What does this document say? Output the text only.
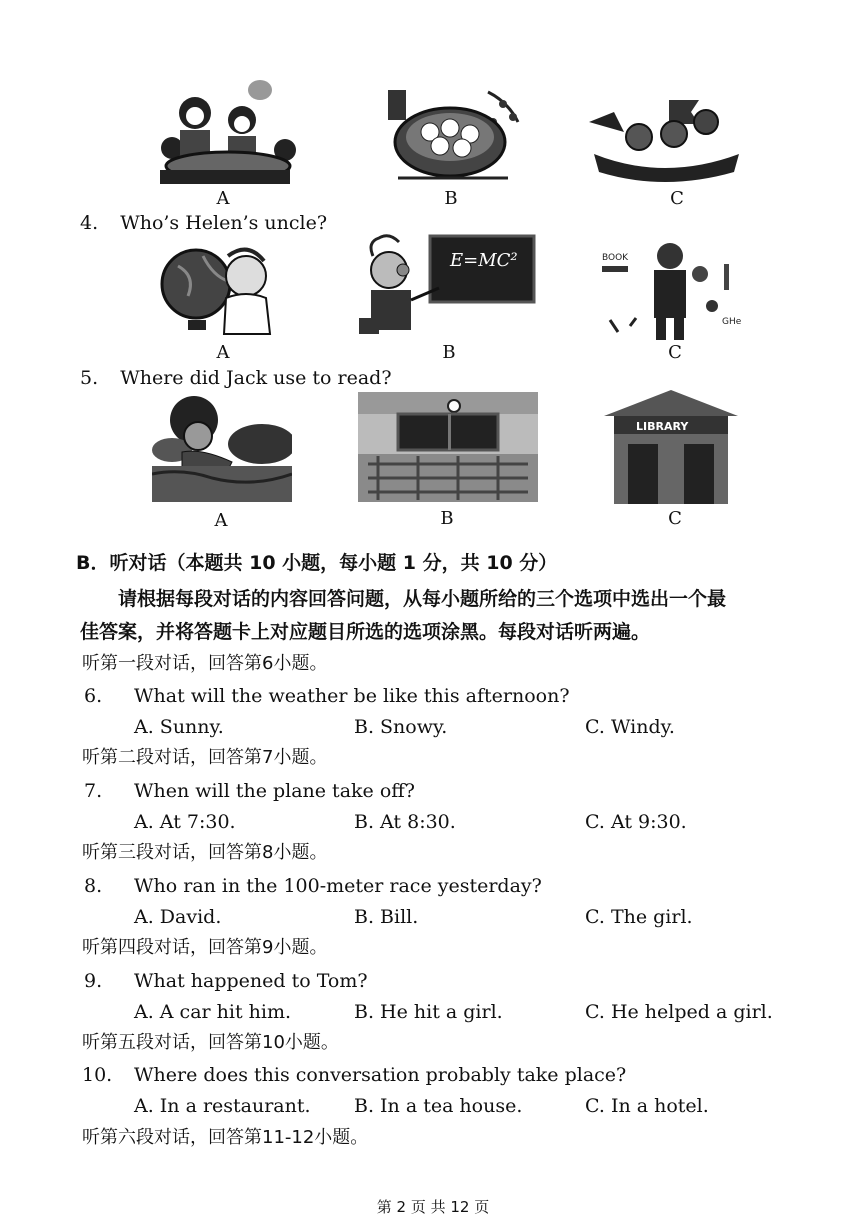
A	B	C
4. Who’s Helen’s uncle?
E=MC²	BOOK
GHe
A	B	C
5. Where did Jack use to read?
LIBRARY
A	B	C
B．听对话（本题共 10 小题，每小题 1 分，共 10 分）
请根据每段对话的内容回答问题，从每小题所给的三个选项中选出一个最
佳答案，并将答题卡上对应题目所选的选项涂黑。每段对话听两遍。
听第一段对话，回答第6小题。
6. What will the weather be like this afternoon?
A. Sunny.	B. Snowy.	C. Windy.
听第二段对话，回答第7小题。
7. When will the plane take off?
A. At 7:30.	B. At 8:30.	C. At 9:30.
听第三段对话，回答第8小题。
8. Who ran in the 100-meter race yesterday?
A. David.	B. Bill.	C. The girl.
听第四段对话，回答第9小题。
9. What happened to Tom?
A. A car hit him.	B. He hit a girl.	C. He helped a girl.
听第五段对话，回答第10小题。
10. Where does this conversation probably take place?
A. In a restaurant. B. In a tea house.	C. In a hotel.
听第六段对话，回答第11-12小题。
第 2 页 共 12 页
